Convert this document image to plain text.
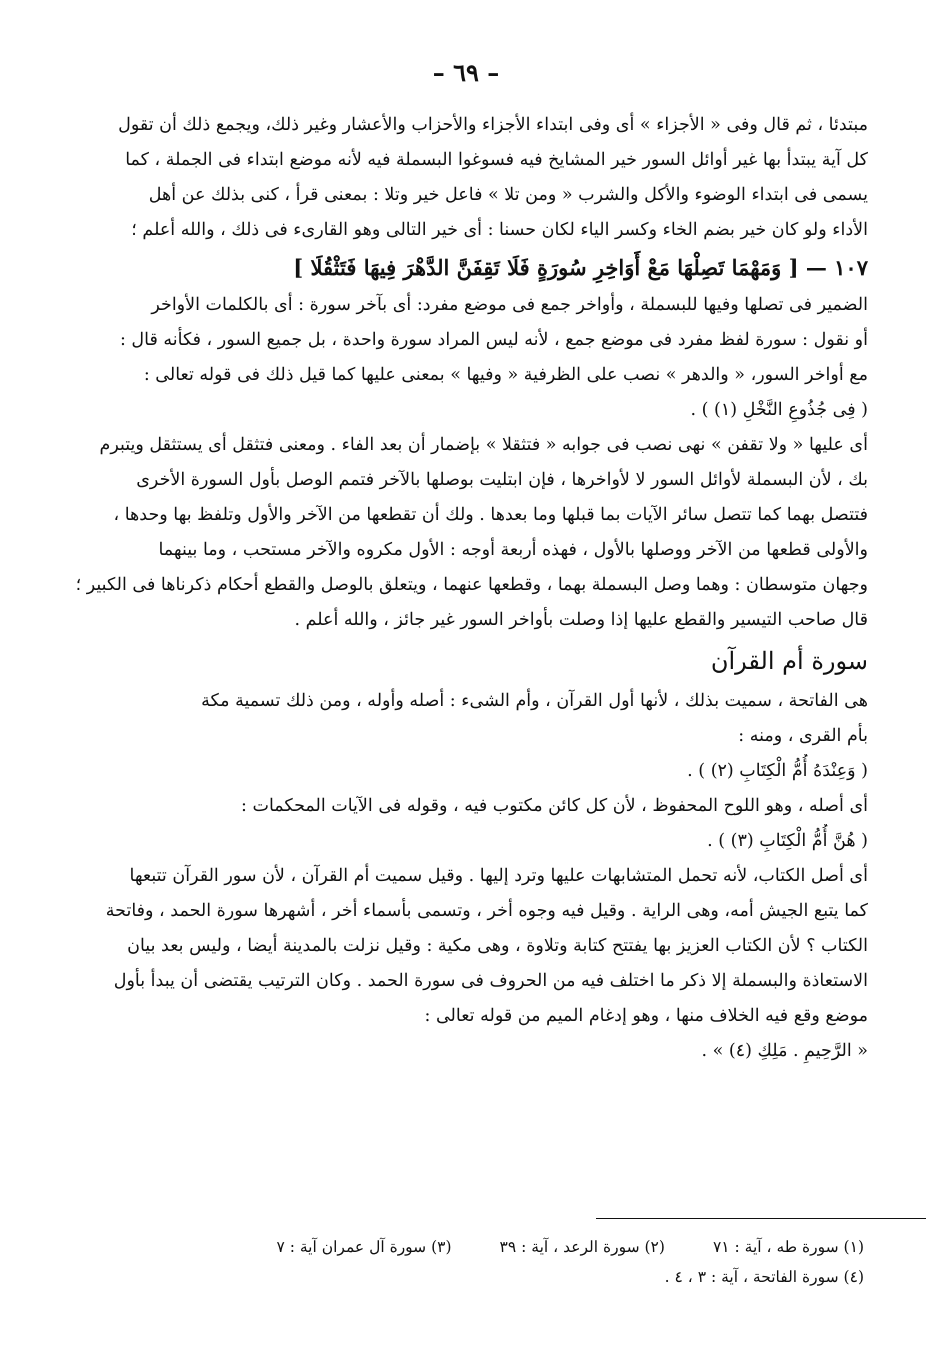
– ٦٩ –
مبتدئا ، ثم قال وفى « الأجزاء » أى وفى ابتداء الأجزاء والأحزاب والأعشار وغير ذلك، ويجمع ذلك أن تقول
كل آية يبتدأ بها غير أوائل السور خير المشايخ فيه فسوغوا البسملة فيه لأنه موضع ابتداء فى الجملة ، كما
يسمى فى ابتداء الوضوء والأكل والشرب « ومن تلا » فاعل خير وتلا : بمعنى قرأ ، كنى بذلك عن أهل
الأداء ولو كان خير بضم الخاء وكسر الياء لكان حسنا : أى خير التالى وهو القارىء فى ذلك ، والله أعلم ؛
١٠٧ — [ وَمَهْمَا تَصِلْهَا مَعْ أَوَاخِرِ سُورَةٍ فَلَا تَقِفَنَّ الدَّهْرَ فِيهَا فَتَثْقُلَا ]
الضمير فى تصلها وفيها للبسملة ، وأواخر جمع فى موضع مفرد: أى بآخر سورة : أى بالكلمات الأواخر
أو نقول : سورة لفظ مفرد فى موضع جمع ، لأنه ليس المراد سورة واحدة ، بل جميع السور ، فكأنه قال :
مع أواخر السور، « والدهر » نصب على الظرفية « وفيها » بمعنى عليها كما قيل ذلك فى قوله تعالى :
( فِى جُذُوعِ النَّخْلِ (١) ) .
أى عليها « ولا تقفن » نهى نصب فى جوابه « فتثقلا » بإضمار أن بعد الفاء . ومعنى فتثقل أى يستثقل ويتبرم
بك ، لأن البسملة لأوائل السور لا لأواخرها ، فإن ابتليت بوصلها بالآخر فتمم الوصل بأول السورة الأخرى
فتتصل بهما كما تتصل سائر الآيات بما قبلها وما بعدها . ولك أن تقطعها من الآخر والأول وتلفظ بها وحدها ،
والأولى قطعها من الآخر ووصلها بالأول ، فهذه أربعة أوجه : الأول مكروه والآخر مستحب ، وما بينهما
وجهان متوسطان : وهما وصل البسملة بهما ، وقطعها عنهما ، ويتعلق بالوصل والقطع أحكام ذكرناها فى الكبير ؛
قال صاحب التيسير والقطع عليها إذا وصلت بأواخر السور غير جائز ، والله أعلم .
سورة أم القرآن
هى الفاتحة ، سميت بذلك ، لأنها أول القرآن ، وأم الشىء : أصله وأوله ، ومن ذلك تسمية مكة
بأم القرى ، ومنه :
( وَعِنْدَهُ أُمُّ الْكِتَابِ (٢) ) .
أى أصله ، وهو اللوح المحفوظ ، لأن كل كائن مكتوب فيه ، وقوله فى الآيات المحكمات :
( هُنَّ أُمُّ الْكِتَابِ (٣) ) .
أى أصل الكتاب، لأنه تحمل المتشابهات عليها وترد إليها . وقيل سميت أم القرآن ، لأن سور القرآن تتبعها
كما يتبع الجيش أمه، وهى الراية . وقيل فيه وجوه أخر ، وتسمى بأسماء أخر ، أشهرها سورة الحمد ، وفاتحة
الكتاب ؟ لأن الكتاب العزيز بها يفتتح كتابة وتلاوة ، وهى مكية : وقيل نزلت بالمدينة أيضا ، وليس بعد بيان
الاستعاذة والبسملة إلا ذكر ما اختلف فيه من الحروف فى سورة الحمد . وكان الترتيب يقتضى أن يبدأ بأول
موضع وقع فيه الخلاف منها ، وهو إدغام الميم من قوله تعالى :
« الرَّحِيمِ . مَلِكِ (٤) » .
(١) سورة طه ، آية : ٧١
(٢) سورة الرعد ، آية : ٣٩
(٣) سورة آل عمران آية : ٧
(٤) سورة الفاتحة ، آية : ٣ ، ٤ .
